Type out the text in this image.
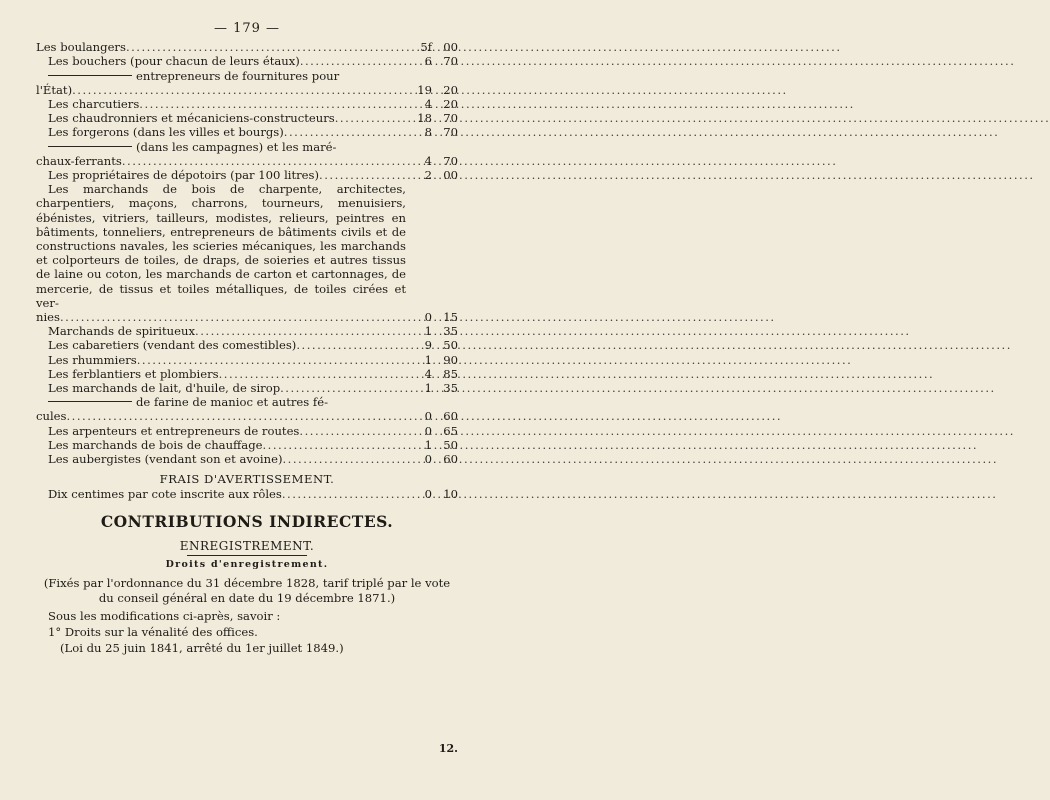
— 179 —
Les boulangers .....	5f 00
Les bouchers (pour chacun de leurs étaux) .....	6 70
entrepreneurs de fournitures pour
l'État) .....	19 20
Les charcutiers .....	4 20
Les chaudronniers et mécaniciens-constructeurs .....	18 70
Les forgerons (dans les villes et bourgs) .....	8 70
(dans les campagnes) et les maré-
chaux-ferrants .....	4 70
Les propriétaires de dépotoirs (par 100 litres) .....	2 00
Les marchands de bois de charpente, architectes, charpentiers, maçons, charrons, tourneurs, menuisiers, ébénistes, vitriers, tailleurs, modistes, relieurs, peintres en bâtiments, tonneliers, entrepreneurs de bâtiments civils et de constructions navales, les scieries mécaniques, les marchands et colporteurs de toiles, de draps, de soieries et autres tissus de laine ou coton, les marchands de carton et cartonnages, de mercerie, de tissus et toiles métalliques, de toiles cirées et ver-
nies .....	0 15
Marchands de spiritueux .....	1 35
Les cabaretiers (vendant des comestibles) .....	9 50
Les rhummiers .....	1 90
Les ferblantiers et plombiers .....	4 85
Les marchands de lait, d'huile, de sirop .....	1 35
de farine de manioc et autres fé-
cules .....	0 60
Les arpenteurs et entrepreneurs de routes .....	0 65
Les marchands de bois de chauffage .....	1 50
Les aubergistes (vendant son et avoine) .....	0 60
FRAIS D'AVERTISSEMENT.
Dix centimes par cote inscrite aux rôles .....	0 10
CONTRIBUTIONS INDIRECTES.
ENREGISTREMENT.
Droits d'enregistrement.
(Fixés par l'ordonnance du 31 décembre 1828, tarif triplé par le vote
du conseil général en date du 19 décembre 1871.)
Sous les modifications ci-après, savoir :
1° Droits sur la vénalité des offices.
(Loi du 25 juin 1841, arrêté du 1er juillet 1849.)
12.
